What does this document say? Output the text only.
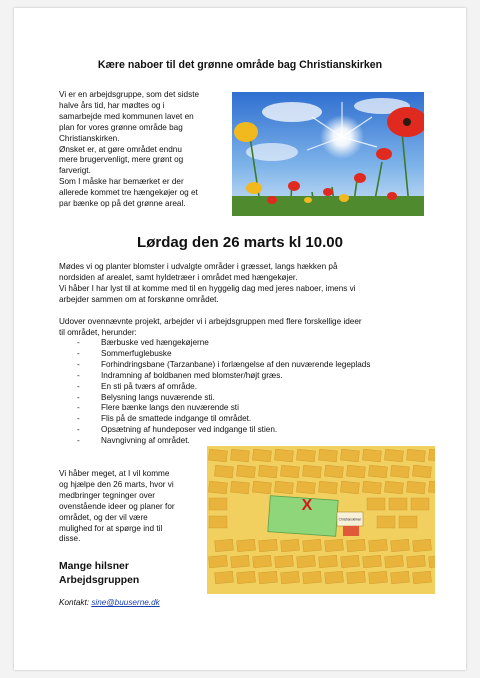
Kære naboer til det grønne område bag Christianskirken
Vi er en arbejdsgruppe, som det sidste
halve års tid, har mødtes og i
samarbejde med kommunen lavet en
plan for vores grønne område bag
Christianskirken.
Ønsket er, at gøre området endnu
mere brugervenligt, mere grønt og
farverigt.
Som I måske har bemærket er der
allerede kommet tre hængekøjer og et
par bænke op på det grønne areal.
Lørdag den 26 marts kl 10.00
Mødes vi og planter blomster i udvalgte områder i græsset, langs hækken på
nordsiden af arealet, samt hyldetræer i området med hængekøjer.
Vi håber I har lyst til at komme med til en hyggelig dag med jeres naboer, imens vi
arbejder sammen om at forskønne området.
Udover ovennævnte projekt, arbejder vi i arbejdsgruppen med flere forskellige ideer
til området, herunder:
-	Bærbuske ved hængekøjerne
-	Sommerfuglebuske
-	Forhindringsbane (Tarzanbane) i forlængelse af den nuværende legeplads
-	Indramning af boldbanen med blomster/højt græs.
-	En sti på tværs af område.
-	Belysning langs nuværende sti.
-	Flere bænke langs den nuværende sti
-	Flis på de smattede indgange til området.
-	Opsætning af hundeposer ved indgange til stien.
-	Navngivning af området.
Vi håber meget, at I vil komme
og hjælpe den 26 marts, hvor vi
medbringer tegninger over
ovenstående ideer og planer for
området, og der vil være
mulighed for at spørge ind til
disse.
X
Christianskirken
Mange hilsner
Arbejdsgruppen
Kontakt: sine@buuserne.dk
